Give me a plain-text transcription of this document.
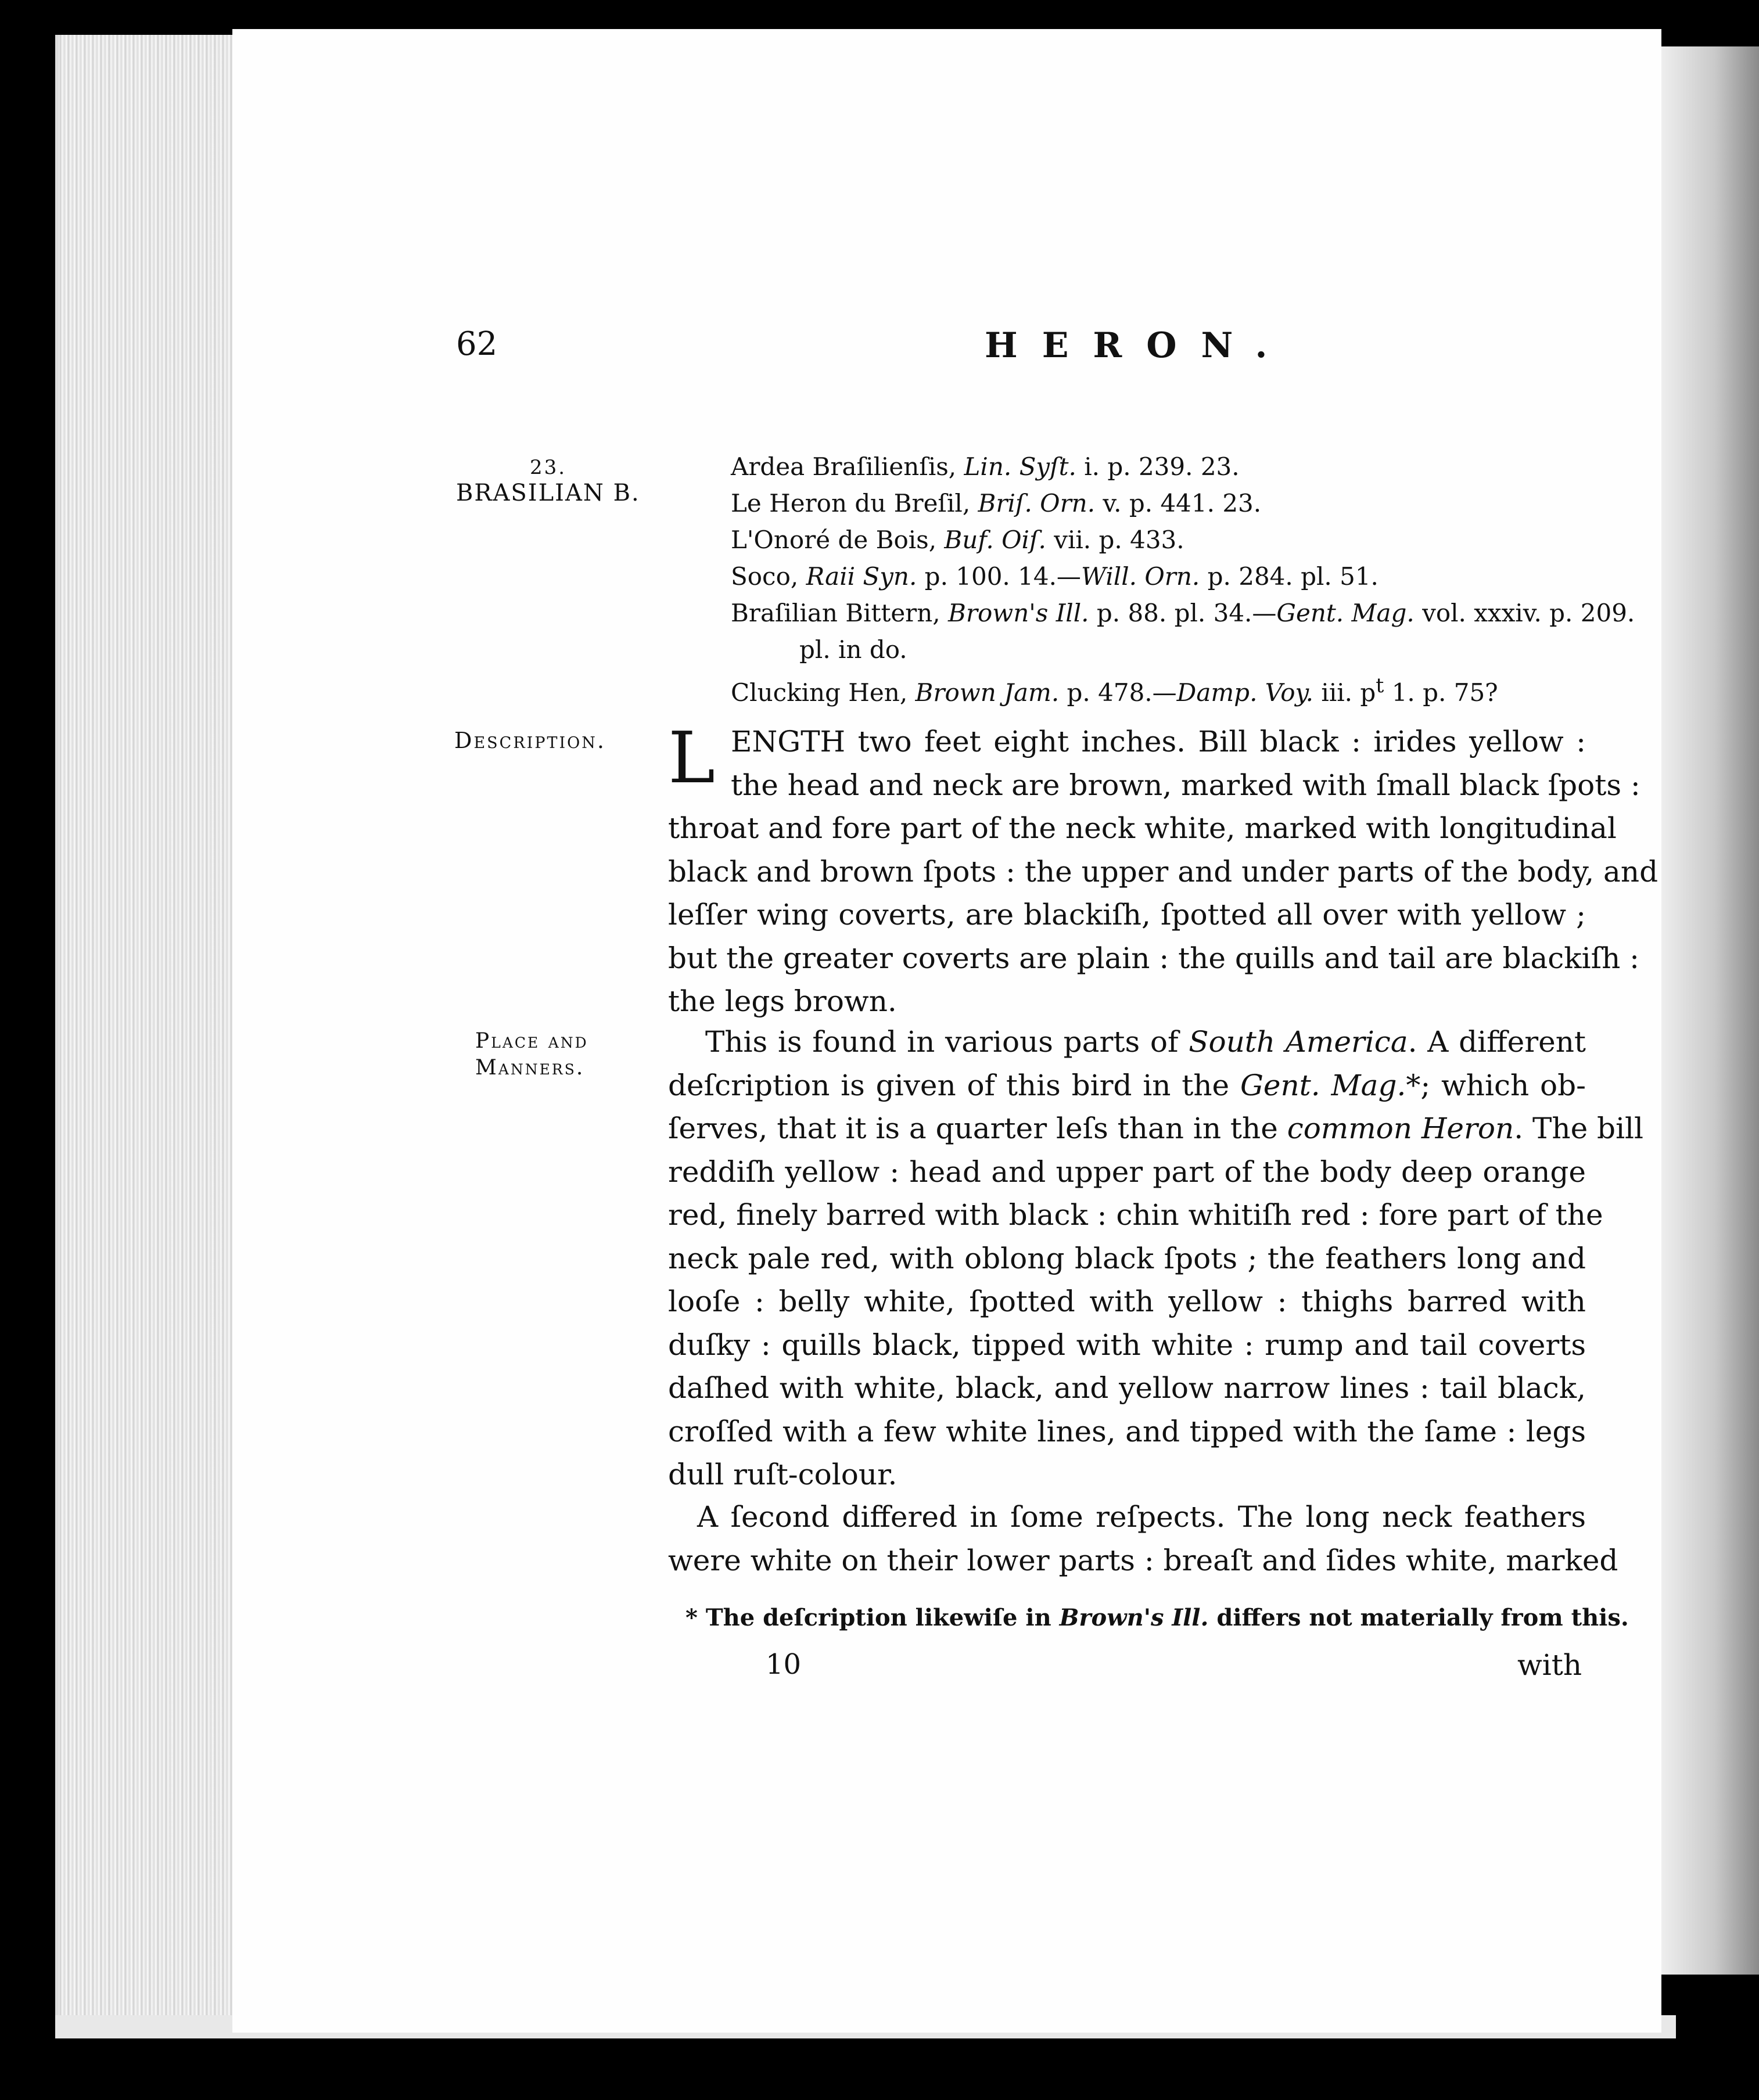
62	HERON.
23.
BRASILIAN B.
Ardea Braſilienſis, Lin. Syſt. i. p. 239. 23.
Le Heron du Breſil, Briſ. Orn. v. p. 441. 23.
L'Onoré de Bois, Buf. Oiſ. vii. p. 433.
Soco, Raii Syn. p. 100. 14.—Will. Orn. p. 284. pl. 51.
Braſilian Bittern, Brown's Ill. p. 88. pl. 34.—Gent. Mag. vol. xxxiv. p. 209.
pl. in do.
Clucking Hen, Brown Jam. p. 478.—Damp. Voy. iii. $p^t$ 1. p. 75?
Description. L ENGTH two feet eight inches. Bill black : irides yellow :
the head and neck are brown, marked with ſmall black ſpots :
throat and fore part of the neck white, marked with longitudinal
black and brown ſpots : the upper and under parts of the body, and
leſſer wing coverts, are blackiſh, ſpotted all over with yellow ;
but the greater coverts are plain : the quills and tail are blackiſh :
the legs brown.
Place and
Manners.
This is found in various parts of South America. A different
deſcription is given of this bird in the Gent. Mag.*; which ob-
ſerves, that it is a quarter leſs than in the common Heron. The bill
reddiſh yellow : head and upper part of the body deep orange
red, finely barred with black : chin whitiſh red : fore part of the
neck pale red, with oblong black ſpots ; the feathers long and
looſe : belly white, ſpotted with yellow : thighs barred with
duſky : quills black, tipped with white : rump and tail coverts
daſhed with white, black, and yellow narrow lines : tail black,
croſſed with a few white lines, and tipped with the ſame : legs
dull ruſt-colour.
A ſecond differed in ſome reſpects. The long neck feathers
were white on their lower parts : breaſt and ſides white, marked
* The deſcription likewiſe in Brown's Ill. differs not materially from this.
10	with
